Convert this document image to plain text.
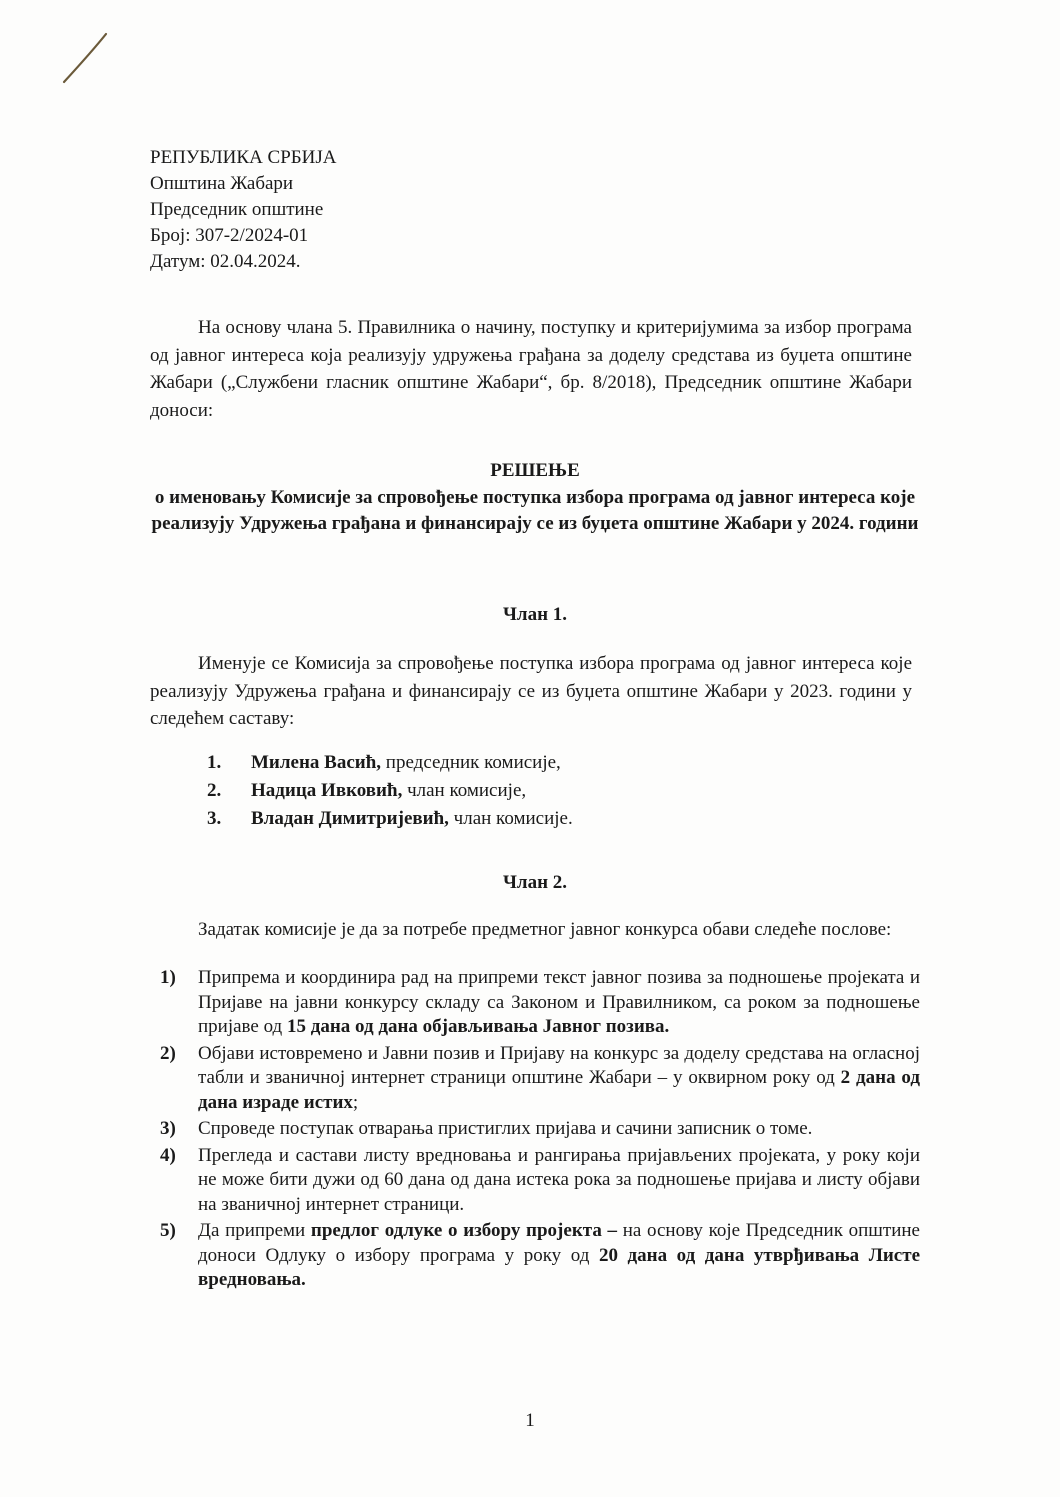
РЕПУБЛИКА СРБИЈА
Општина Жабари
Председник општине
Број: 307-2/2024-01
Датум: 02.04.2024.
На основу члана 5. Правилника о начину, поступку и критеријумима за избор програма од јавног интереса која реализују удружења грађана за доделу средстава из буџета општине Жабари („Службени гласник општине Жабари“, бр. 8/2018), Председник општине Жабари доноси:
РЕШЕЊЕ
о именовању Комисије за спровођење поступка избора програма од јавног интереса које реализују Удружења грађана и финансирају се из буџета општине Жабари у 2024. години
Члан 1.
Именује се Комисија за спровођење поступка избора програма од јавног интереса које реализују Удружења грађана и финансирају се из буџета општине Жабари у 2023. години у следећем саставу:
1. Милена Васић, председник комисије,
2. Надица Ивковић, члан комисије,
3. Владан Димитријевић, члан комисије.
Члан 2.
Задатак комисије је да за потребе предметног јавног конкурса обави следеће послове:
1) Припрема и координира рад на припреми текст јавног позива за подношење пројеката и Пријаве на јавни конкурсу складу са Законом и Правилником, са роком за подношење пријаве од 15 дана од дана објављивања Јавног позива.
2) Објави истовремено и Јавни позив и Пријаву на конкурс за доделу средстава на огласној табли и званичној интернет страници општине Жабари – у оквирном року од 2 дана од дана израде истих;
3) Спроведе поступак отварања пристиглих пријава и сачини записник о томе.
4) Прегледа и састави листу вредновања и рангирања пријављених пројеката, у року који не може бити дужи од 60 дана од дана истека рока за подношење пријава и листу објави на званичној интернет страници.
5) Да припреми предлог одлуке о избору пројекта – на основу које Председник општине доноси Одлуку о избору програма у року од 20 дана од дана утврђивања Листе вредновања.
1
